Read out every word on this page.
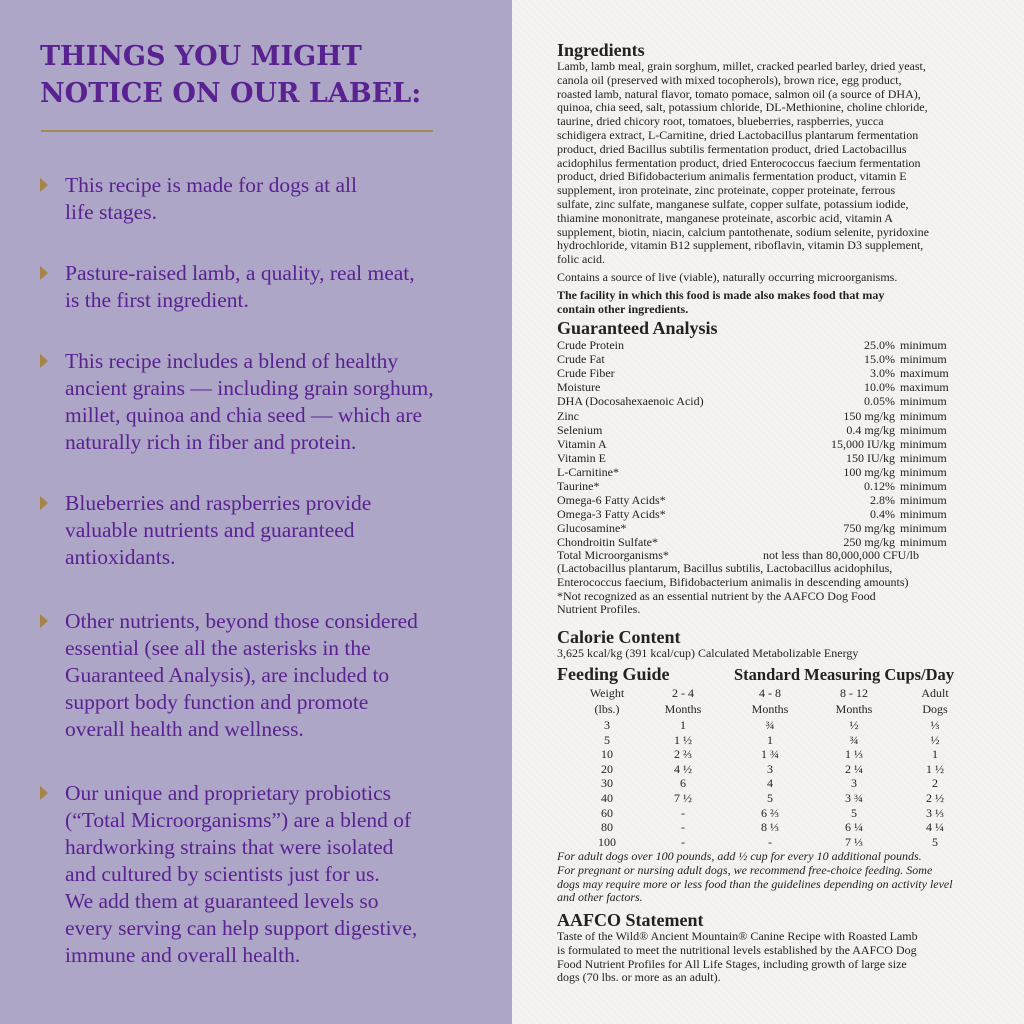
THINGS YOU MIGHT
NOTICE ON OUR LABEL:
This recipe is made for dogs at all
life stages.
Pasture-raised lamb, a quality, real meat,
is the first ingredient.
This recipe includes a blend of healthy
ancient grains — including grain sorghum,
millet, quinoa and chia seed — which are
naturally rich in fiber and protein.
Blueberries and raspberries provide
valuable nutrients and guaranteed
antioxidants.
Other nutrients, beyond those considered
essential (see all the asterisks in the
Guaranteed Analysis), are included to
support body function and promote
overall health and wellness.
Our unique and proprietary probiotics
(“Total Microorganisms”) are a blend of
hardworking strains that were isolated
and cultured by scientists just for us.
We add them at guaranteed levels so
every serving can help support digestive,
immune and overall health.
Ingredients
Lamb, lamb meal, grain sorghum, millet, cracked pearled barley, dried yeast,
canola oil (preserved with mixed tocopherols), brown rice, egg product,
roasted lamb, natural flavor, tomato pomace, salmon oil (a source of DHA),
quinoa, chia seed, salt, potassium chloride, DL-Methionine, choline chloride,
taurine, dried chicory root, tomatoes, blueberries, raspberries, yucca
schidigera extract, L-Carnitine, dried Lactobacillus plantarum fermentation
product, dried Bacillus subtilis fermentation product, dried Lactobacillus
acidophilus fermentation product, dried Enterococcus faecium fermentation
product, dried Bifidobacterium animalis fermentation product, vitamin E
supplement, iron proteinate, zinc proteinate, copper proteinate, ferrous
sulfate, zinc sulfate, manganese sulfate, copper sulfate, potassium iodide,
thiamine mononitrate, manganese proteinate, ascorbic acid, vitamin A
supplement, biotin, niacin, calcium pantothenate, sodium selenite, pyridoxine
hydrochloride, vitamin B12 supplement, riboflavin, vitamin D3 supplement,
folic acid.
Contains a source of live (viable), naturally occurring microorganisms.
The facility in which this food is made also makes food that may
contain other ingredients.
Guaranteed Analysis
Crude Protein	25.0% minimum
Crude Fat	15.0% minimum
Crude Fiber	3.0% maximum
Moisture	10.0% maximum
DHA (Docosahexaenoic Acid)	0.05% minimum
Zinc	150 mg/kg minimum
Selenium	0.4 mg/kg minimum
Vitamin A	15,000 IU/kg minimum
Vitamin E	150 IU/kg minimum
L-Carnitine*	100 mg/kg minimum
Taurine*	0.12% minimum
Omega-6 Fatty Acids*	2.8% minimum
Omega-3 Fatty Acids*	0.4% minimum
Glucosamine*	750 mg/kg minimum
Chondroitin Sulfate*	250 mg/kg minimum
Total Microorganisms*	not less than 80,000,000 CFU/lb
(Lactobacillus plantarum, Bacillus subtilis, Lactobacillus acidophilus,
Enterococcus faecium, Bifidobacterium animalis in descending amounts)
*Not recognized as an essential nutrient by the AAFCO Dog Food
Nutrient Profiles.
Calorie Content
3,625 kcal/kg (391 kcal/cup) Calculated Metabolizable Energy
Feeding Guide	Standard Measuring Cups/Day
Weight	2 - 4	4 - 8	8 - 12	Adult
(lbs.)	Months	Months	Months	Dogs
3	1	¾	½	⅓
5	1 ½	1	¾	½
10	2 ⅔	1 ¾	1 ⅓	1
20	4 ½	3	2 ¼	1 ½
30	6	4	3	2
40	7 ½	5	3 ¾	2 ½
60	-	6 ⅔	5	3 ⅓
80	-	8 ⅓	6 ¼	4 ¼
100	-	-	7 ⅓	5
For adult dogs over 100 pounds, add ½ cup for every 10 additional pounds.
For pregnant or nursing adult dogs, we recommend free-choice feeding. Some
dogs may require more or less food than the guidelines depending on activity level
and other factors.
AAFCO Statement
Taste of the Wild® Ancient Mountain® Canine Recipe with Roasted Lamb
is formulated to meet the nutritional levels established by the AAFCO Dog
Food Nutrient Profiles for All Life Stages, including growth of large size
dogs (70 lbs. or more as an adult).
